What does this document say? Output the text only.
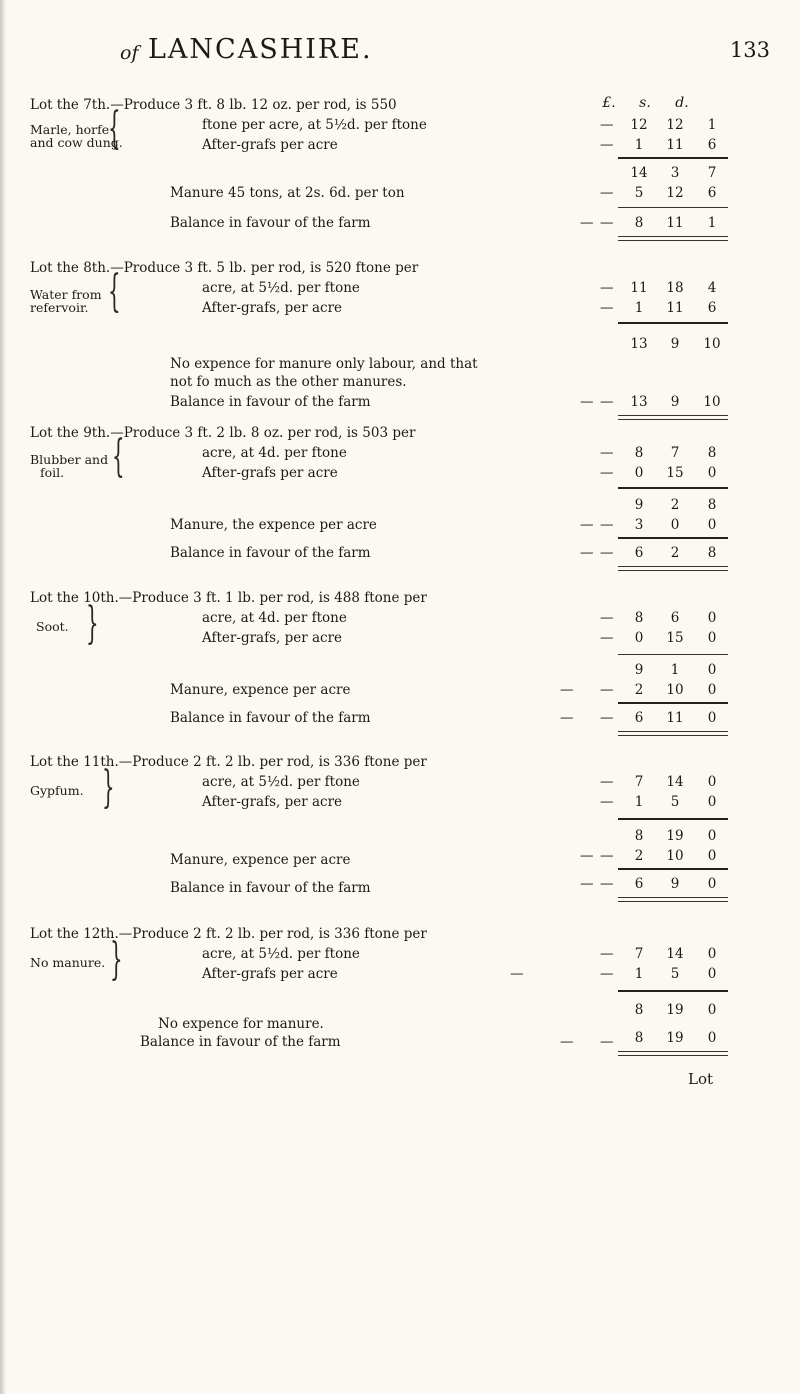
of LANCASHIRE.	133
£.	s.	d.
Lot the 7th.—Produce 3 ft. 8 lb. 12 oz. per rod, is 550
Marle, horfe
and cow dung.
{	ftone per acre, at 5½d. per ftone	—	12	12	1
After-grafs per acre	—	1	11	6
14	3	7
Manure 45 tons, at 2s. 6d. per ton	—	5	12	6
Balance in favour of the farm	— —	8	11	1
Lot the 8th.—Produce 3 ft. 5 lb. per rod, is 520 ftone per
Water from
refervoir. {	acre, at 5½d. per ftone	—	11	18	4
After-grafs, per acre	—	1	11	6
13	9	10
No expence for manure only labour, and that
not fo much as the other manures.
Balance in favour of the farm	— —	13	9	10
Lot the 9th.—Produce 3 ft. 2 lb. 8 oz. per rod, is 503 per
Blubber and
foil.	{	acre, at 4d. per ftone	—	8	7	8
After-grafs per acre	—	0	15	0
9	2	8
Manure, the expence per acre	— —	3	0	0
Balance in favour of the farm	— —	6	2	8
Lot the 10th.—Produce 3 ft. 1 lb. per rod, is 488 ftone per
Soot. }	acre, at 4d. per ftone	—	8	6	0
After-grafs, per acre	—	0	15	0
9	1	0
Manure, expence per acre	— —	2	10	0
Balance in favour of the farm	— —	6	11	0
Lot the 11th.—Produce 2 ft. 2 lb. per rod, is 336 ftone per
Gypfum. }	acre, at 5½d. per ftone	—	7	14	0
After-grafs, per acre	—	1	5	0
8	19	0
Manure, expence per acre	— —	2	10	0
Balance in favour of the farm	— —	6	9	0
Lot the 12th.—Produce 2 ft. 2 lb. per rod, is 336 ftone per
No manure. }	acre, at 5½d. per ftone	—	7	14	0
After-grafs per acre	—	—	1	5	0
8	19	0
No expence for manure.
Balance in favour of the farm	— —	8	19	0
Lot
